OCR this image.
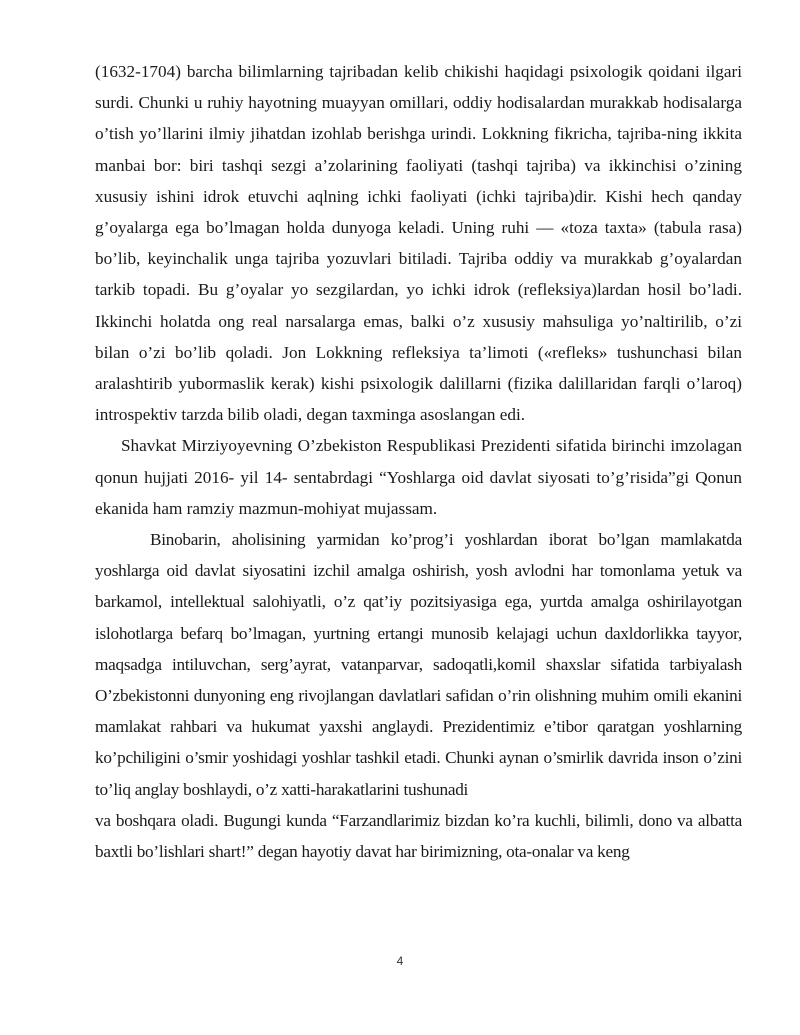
(1632-1704) barcha bilimlarning tajribadan kelib chikishi haqidagi psixologik qoidani ilgari surdi. Chunki u ruhiy hayotning muayyan omillari, oddiy hodisalardan murakkab hodisalarga o’tish yo’llarini ilmiy jihatdan izohlab berishga urindi. Lokkning fikricha, tajriba-ning ikkita manbai bor: biri tashqi sezgi a’zolarining faoliyati (tashqi tajriba) va ikkinchisi o’zining xususiy ishini idrok etuvchi aqlning ichki faoliyati (ichki tajriba)dir. Kishi hech qanday g’oyalarga ega bo’lmagan holda dunyoga keladi. Uning ruhi — «toza taxta» (tabula rasa) bo’lib, keyinchalik unga tajriba yozuvlari bitiladi. Tajriba oddiy va murakkab g’oyalardan tarkib topadi. Bu g’oyalar yo sezgilardan, yo ichki idrok (refleksiya)lardan hosil bo’ladi. Ikkinchi holatda ong real narsalarga emas, balki o’z xususiy mahsuliga yo’naltirilib, o’zi bilan o’zi bo’lib qoladi. Jon Lokkning refleksiya ta’limoti («refleks» tushunchasi bilan aralashtirib yubormaslik kerak) kishi psixologik dalillarni (fizika dalillaridan farqli o’laroq) introspektiv tarzda bilib oladi, degan taxminga asoslangan edi.

Shavkat Mirziyoyevning O’zbekiston Respublikasi Prezidenti sifatida birinchi imzolagan qonun hujjati 2016- yil 14- sentabrdagi “Yoshlarga oid davlat siyosati to’g’risida”gi Qonun ekanida ham ramziy mazmun-mohiyat mujassam.

Binobarin, aholisining yarmidan ko’prog’i yoshlardan iborat bo’lgan mamlakatda yoshlarga oid davlat siyosatini izchil amalga oshirish, yosh avlodni har tomonlama yetuk va barkamol, intellektual salohiyatli, o’z qat’iy pozitsiyasiga ega, yurtda amalga oshirilayotgan islohotlarga befarq bo’lmagan, yurtning ertangi munosib kelajagi uchun daxldorlikka tayyor, maqsadga intiluvchan, serg’ayrat, vatanparvar, sadoqatli,komil shaxslar sifatida tarbiyalash O’zbekistonni dunyoning eng rivojlangan davlatlari safidan o’rin olishning muhim omili ekanini mamlakat rahbari va hukumat yaxshi anglaydi. Prezidentimiz e’tibor qaratgan yoshlarning ko’pchiligini o’smir yoshidagi yoshlar tashkil etadi. Chunki aynan o’smirlik davrida inson o’zini to’liq anglay boshlaydi, o’z xatti-harakatlarini tushunadi

va boshqara oladi. Bugungi kunda “Farzandlarimiz bizdan ko’ra kuchli, bilimli, dono va albatta baxtli bo’lishlari shart!” degan hayotiy davat har birimizning, ota-onalar va keng

4
